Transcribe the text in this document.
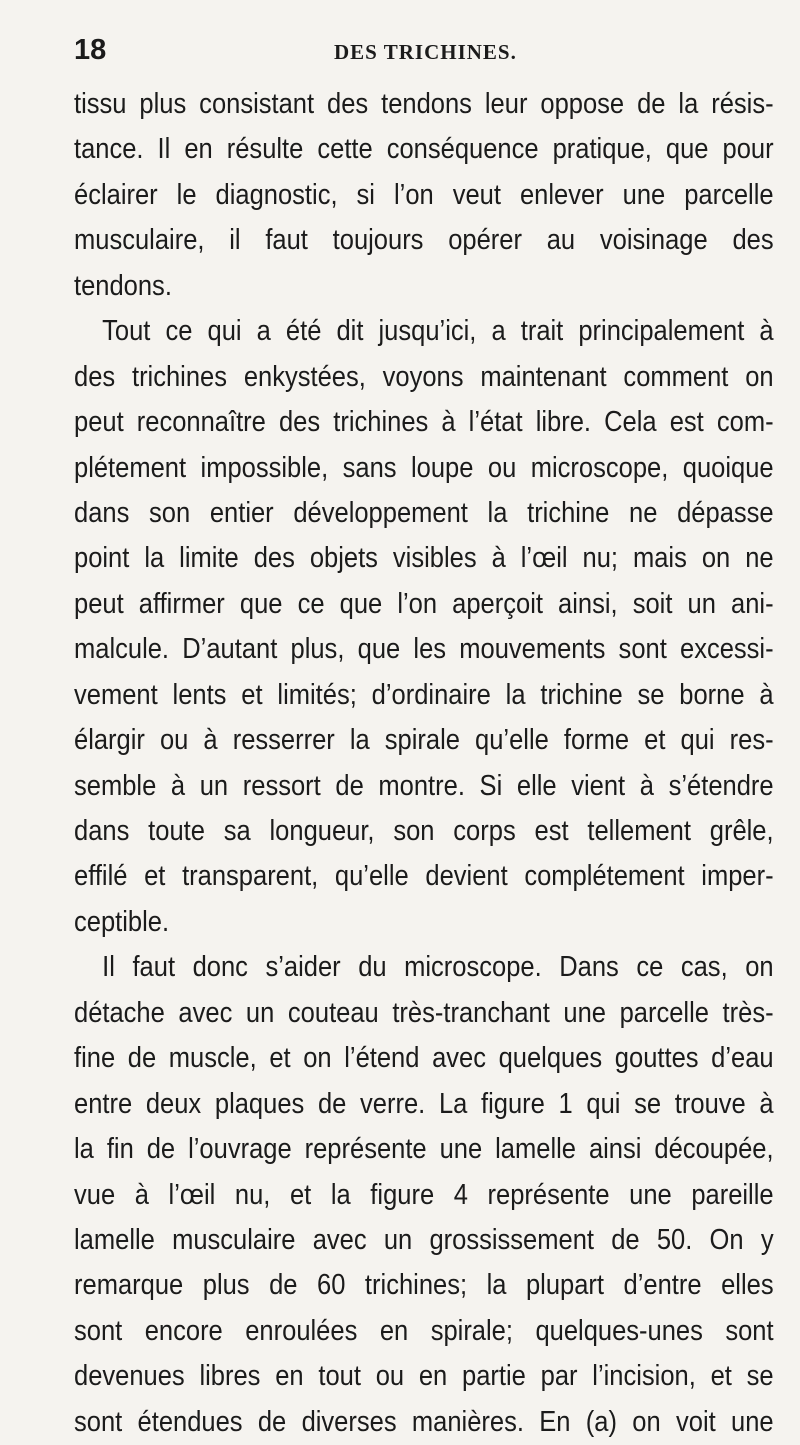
18	DES TRICHINES.
tissu plus consistant des tendons leur oppose de la résis-
tance. Il en résulte cette conséquence pratique, que pour
éclairer le diagnostic, si l’on veut enlever une parcelle
musculaire, il faut toujours opérer au voisinage des
tendons.
Tout ce qui a été dit jusqu’ici, a trait principalement à
des trichines enkystées, voyons maintenant comment on
peut reconnaître des trichines à l’état libre. Cela est com-
plétement impossible, sans loupe ou microscope, quoique
dans son entier développement la trichine ne dépasse
point la limite des objets visibles à l’œil nu; mais on ne
peut affirmer que ce que l’on aperçoit ainsi, soit un ani-
malcule. D’autant plus, que les mouvements sont excessi-
vement lents et limités; d’ordinaire la trichine se borne à
élargir ou à resserrer la spirale qu’elle forme et qui res-
semble à un ressort de montre. Si elle vient à s’étendre
dans toute sa longueur, son corps est tellement grêle,
effilé et transparent, qu’elle devient complétement imper-
ceptible.
Il faut donc s’aider du microscope. Dans ce cas, on
détache avec un couteau très-tranchant une parcelle très-
fine de muscle, et on l’étend avec quelques gouttes d’eau
entre deux plaques de verre. La figure 1 qui se trouve à
la fin de l’ouvrage représente une lamelle ainsi découpée,
vue à l’œil nu, et la figure 4 représente une pareille
lamelle musculaire avec un grossissement de 50. On y
remarque plus de 60 trichines; la plupart d’entre elles
sont encore enroulées en spirale; quelques-unes sont
devenues libres en tout ou en partie par l’incision, et se
sont étendues de diverses manières. En (a) on voit une
